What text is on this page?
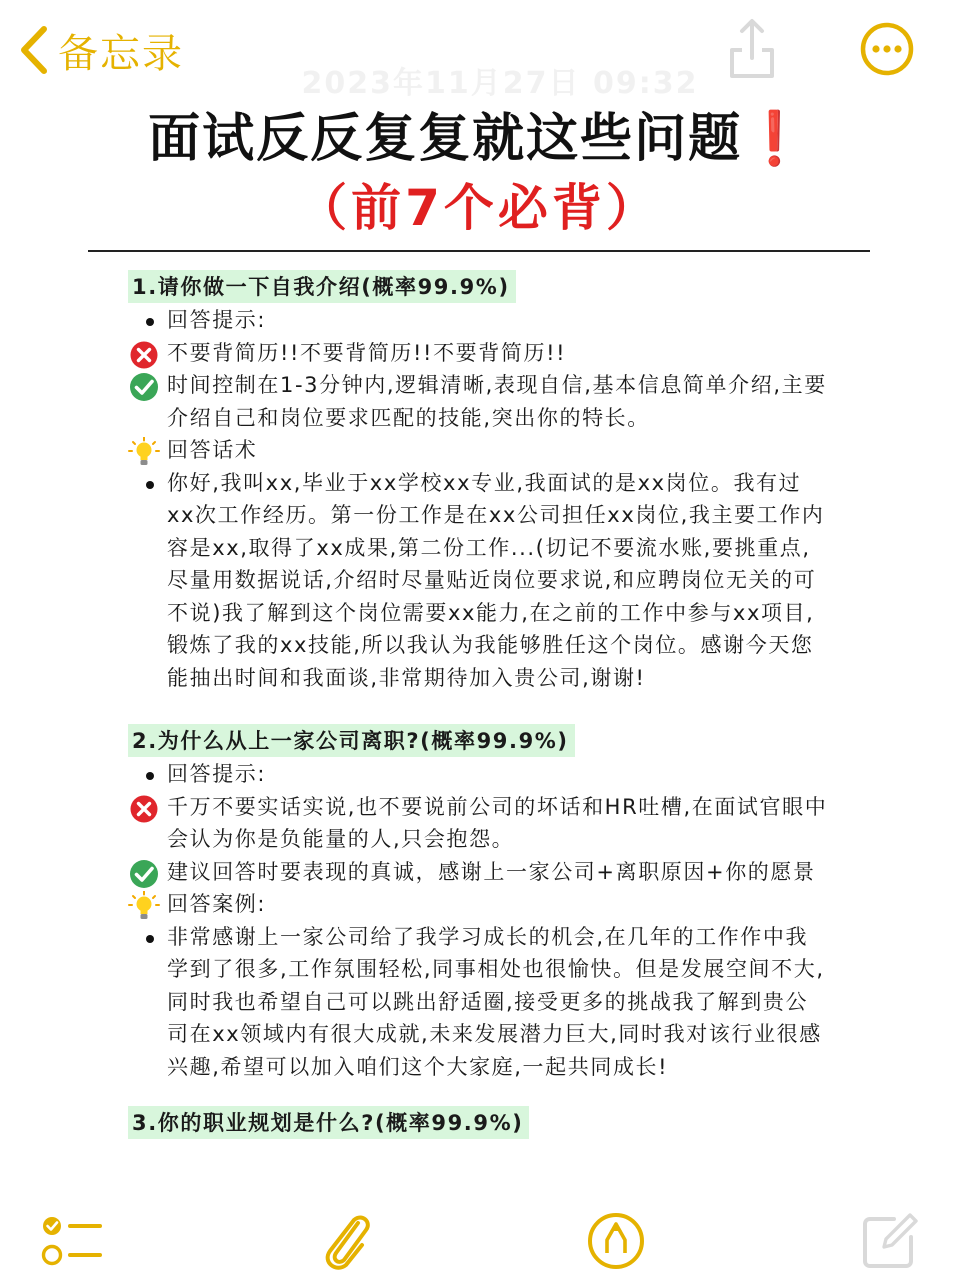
备忘录
2023年11月27日 09:32
面试反反复复就这些问题❗
（前7个必背）
1.请你做一下自我介绍(概率99.9%)
回答提示:
不要背简历!!不要背简历!!不要背简历!!
时间控制在1-3分钟内,逻辑清晰,表现自信,基本信息简单介绍,主要介绍自己和岗位要求匹配的技能,突出你的特长。
回答话术
你好,我叫xx,毕业于xx学校xx专业,我面试的是xx岗位。我有过xx次工作经历。第一份工作是在xx公司担任xx岗位,我主要工作内容是xx,取得了xx成果,第二份工作...(切记不要流水账,要挑重点,尽量用数据说话,介绍时尽量贴近岗位要求说,和应聘岗位无关的可不说)我了解到这个岗位需要xx能力,在之前的工作中参与xx项目,锻炼了我的xx技能,所以我认为我能够胜任这个岗位。感谢今天您能抽出时间和我面谈,非常期待加入贵公司,谢谢!
2.为什么从上一家公司离职?(概率99.9%)
回答提示:
千万不要实话实说,也不要说前公司的坏话和HR吐槽,在面试官眼中会认为你是负能量的人,只会抱怨。
建议回答时要表现的真诚，感谢上一家公司+离职原因+你的愿景
回答案例:
非常感谢上一家公司给了我学习成长的机会,在几年的工作作中我学到了很多,工作氛围轻松,同事相处也很愉快。但是发展空间不大,同时我也希望自己可以跳出舒适圈,接受更多的挑战我了解到贵公司在xx领域内有很大成就,未来发展潜力巨大,同时我对该行业很感兴趣,希望可以加入咱们这个大家庭,一起共同成长!
3.你的职业规划是什么?(概率99.9%)
